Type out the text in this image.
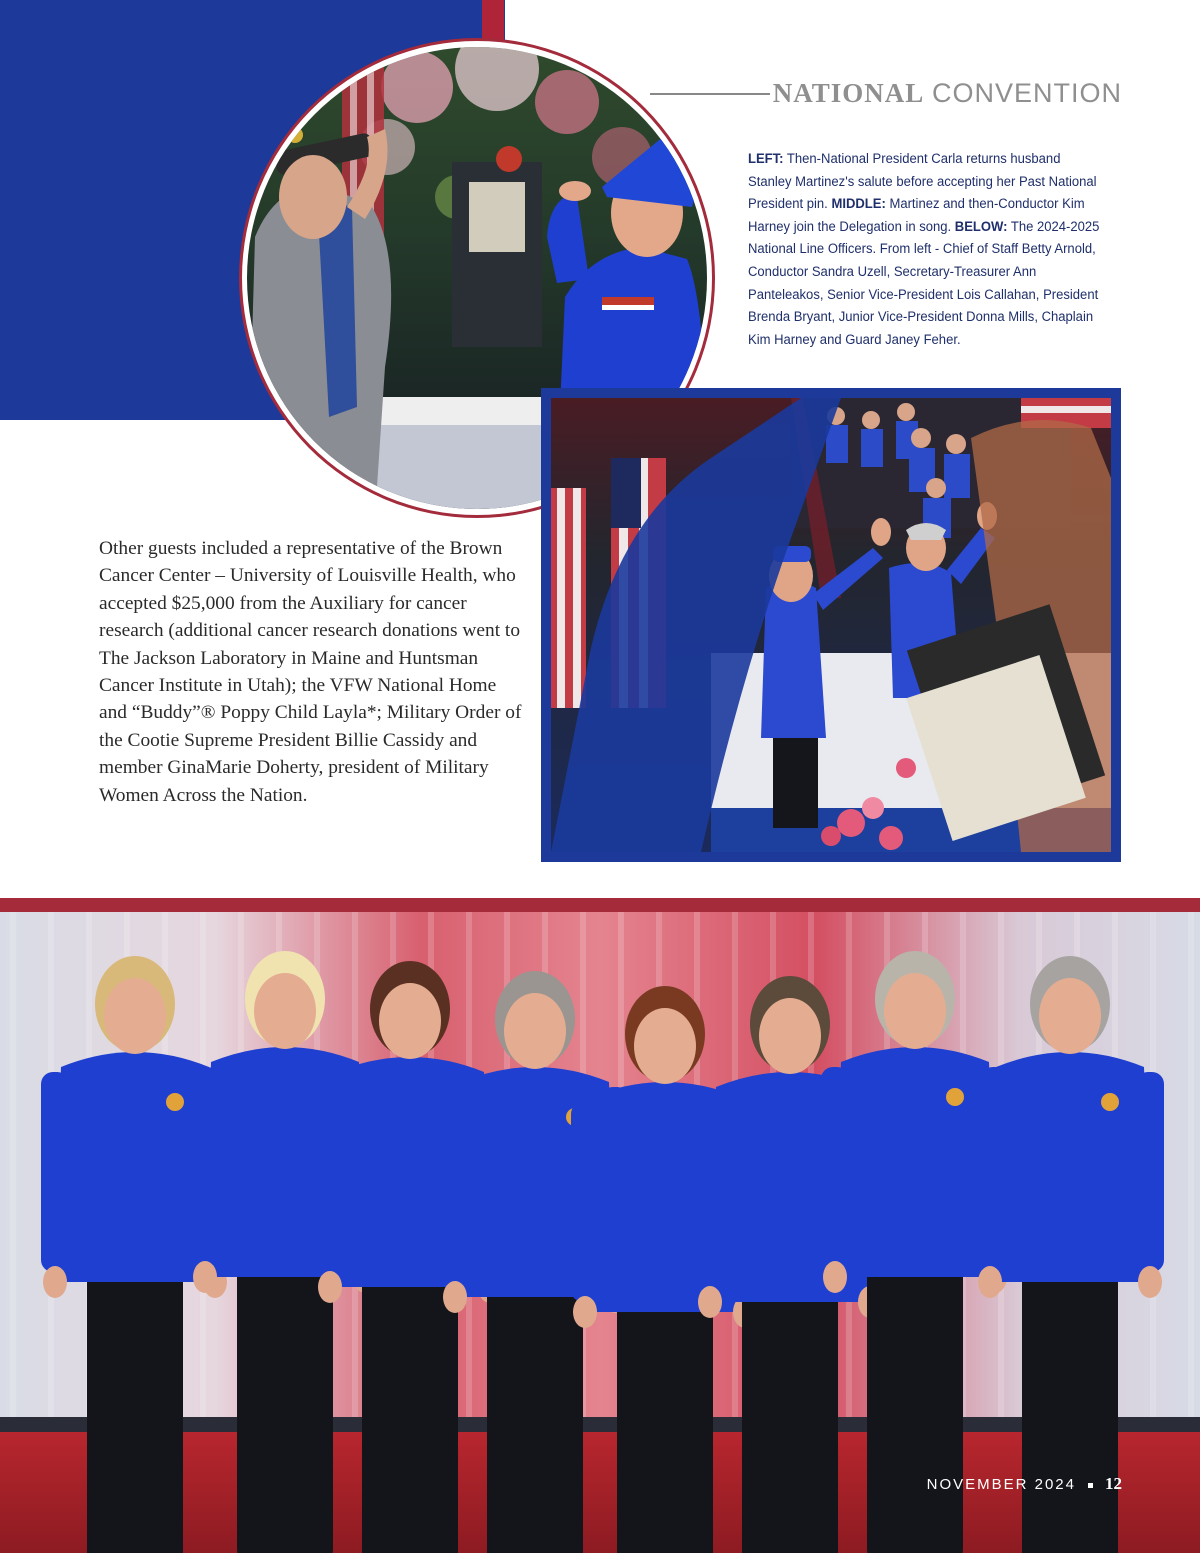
NATIONAL CONVENTION
LEFT: Then-National President Carla returns husband Stanley Martinez's salute before accepting her Past National President pin. MIDDLE: Martinez and then-Conductor Kim Harney join the Delegation in song. BELOW: The 2024-2025 National Line Officers. From left - Chief of Staff Betty Arnold, Conductor Sandra Uzell, Secretary-Treasurer Ann Panteleakos, Senior Vice-President Lois Callahan, President Brenda Bryant, Junior Vice-President Donna Mills, Chaplain Kim Harney and Guard Janey Feher.

Other guests included a representative of the Brown Cancer Center – University of Louisville Health, who accepted $25,000 from the Auxiliary for cancer research (additional cancer research donations went to The Jackson Laboratory in Maine and Huntsman Cancer Institute in Utah); the VFW National Home and “Buddy”® Poppy Child Layla*; Military Order of the Cootie Supreme President Billie Cassidy and member GinaMarie Doherty, president of Military Women Across the Nation.

NOVEMBER 2024 12
